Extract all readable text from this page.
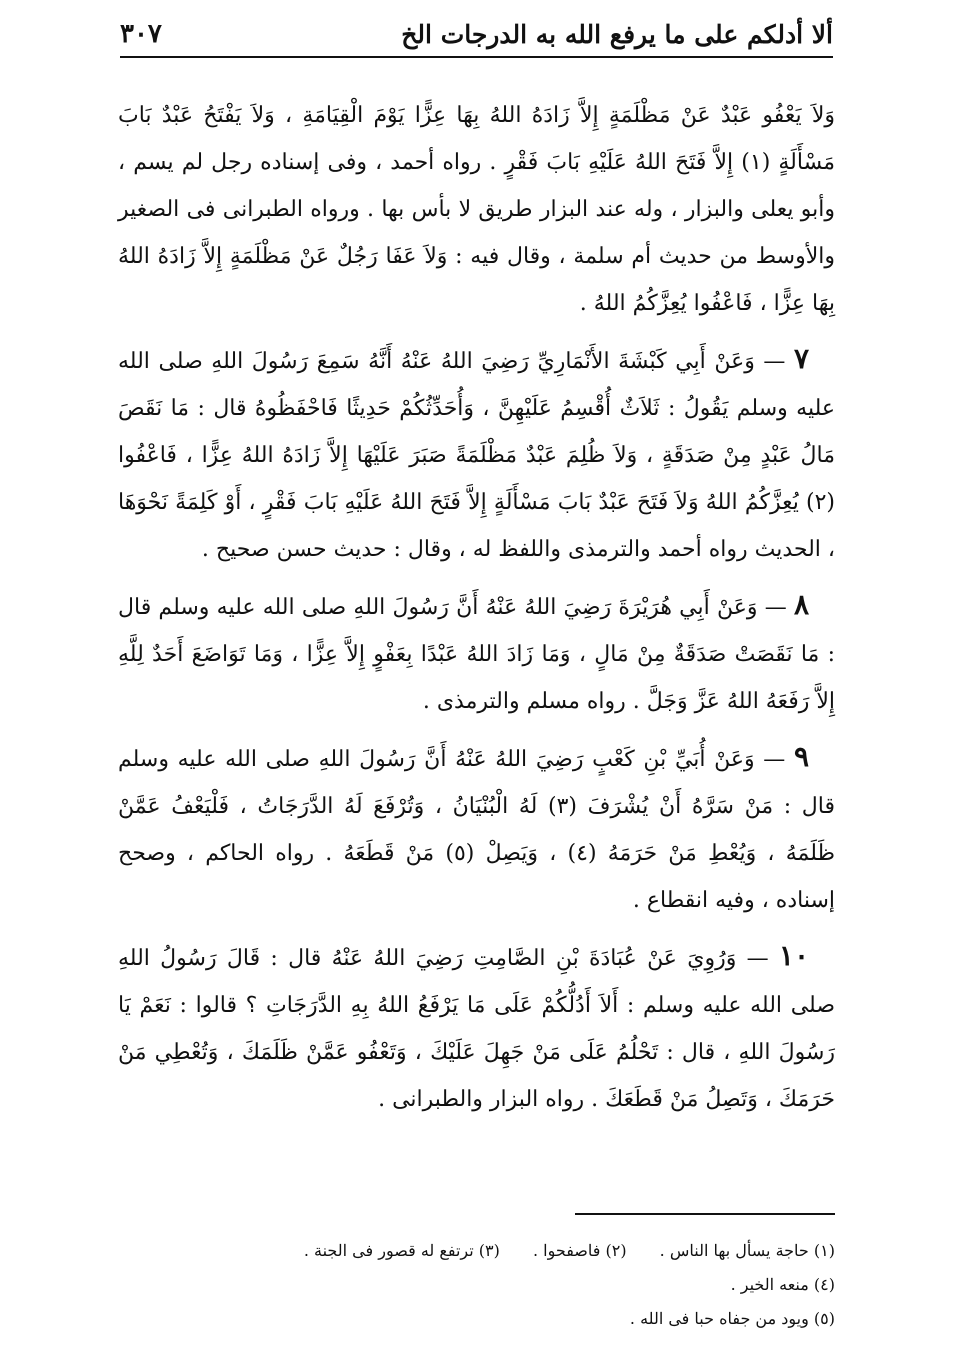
ألا أدلكم على ما يرفع الله به الدرجات الخ
٣٠٧

وَلاَ يَعْفُو عَبْدٌ عَنْ مَظْلَمَةٍ إِلاَّ زَادَهُ اللهُ بِهَا عِزًّا يَوْمَ الْقِيَامَةِ ، وَلاَ يَفْتَحُ عَبْدٌ بَابَ مَسْأَلَةٍ (١) إِلاَّ فَتَحَ اللهُ عَلَيْهِ بَابَ فَقْرٍ . رواه أحمد ، وفى إسناده رجل لم يسم ، وأبو يعلى والبزار ، وله عند البزار طريق لا بأس بها . ورواه الطبرانى فى الصغير والأوسط من حديث أم سلمة ، وقال فيه : وَلاَ عَفَا رَجُلٌ عَنْ مَظْلَمَةٍ إِلاَّ زَادَهُ اللهُ بِهَا عِزًّا ، فَاعْفُوا يُعِزَّكُمُ اللهُ .

٧ — وَعَنْ أَبِي كَبْشَةَ الأَنْمَارِيِّ رَضِيَ اللهُ عَنْهُ أَنَّهُ سَمِعَ رَسُولَ اللهِ صلى الله عليه وسلم يَقُولُ : ثَلاَثٌ أُقْسِمُ عَلَيْهِنَّ ، وَأُحَدِّثُكُمْ حَدِيثًا فَاحْفَظُوهُ قال : مَا نَقَصَ مَالُ عَبْدٍ مِنْ صَدَقَةٍ ، وَلاَ ظُلِمَ عَبْدٌ مَظْلَمَةً صَبَرَ عَلَيْهَا إِلاَّ زَادَهُ اللهُ عِزًّا ، فَاعْفُوا (٢) يُعِزَّكُمُ اللهُ وَلاَ فَتَحَ عَبْدٌ بَابَ مَسْأَلَةٍ إِلاَّ فَتَحَ اللهُ عَلَيْهِ بَابَ فَقْرٍ ، أَوْ كَلِمَةً نَحْوَهَا ، الحديث رواه أحمد والترمذى واللفظ له ، وقال : حديث حسن صحيح .

٨ — وَعَنْ أَبِي هُرَيْرَةَ رَضِيَ اللهُ عَنْهُ أَنَّ رَسُولَ اللهِ صلى الله عليه وسلم قال : مَا نَقَصَتْ صَدَقَةٌ مِنْ مَالٍ ، وَمَا زَادَ اللهُ عَبْدًا بِعَفْوٍ إِلاَّ عِزًّا ، وَمَا تَوَاضَعَ أَحَدٌ لِلَّهِ إِلاَّ رَفَعَهُ اللهُ عَزَّ وَجَلَّ . رواه مسلم والترمذى .

٩ — وَعَنْ أُبَيِّ بْنِ كَعْبٍ رَضِيَ اللهُ عَنْهُ أَنَّ رَسُولَ اللهِ صلى الله عليه وسلم قال : مَنْ سَرَّهُ أَنْ يُشْرَفَ (٣) لَهُ الْبُنْيَانُ ، وَتُرْفَعَ لَهُ الدَّرَجَاتُ ، فَلْيَعْفُ عَمَّنْ ظَلَمَهُ ، وَيُعْطِ مَنْ حَرَمَهُ (٤) ، وَيَصِلْ (٥) مَنْ قَطَعَهُ . رواه الحاكم ، وصحح إسناده ، وفيه انقطاع .

١٠ — وَرُوِيَ عَنْ عُبَادَةَ بْنِ الصَّامِتِ رَضِيَ اللهُ عَنْهُ قال : قَالَ رَسُولُ اللهِ صلى الله عليه وسلم : أَلاَ أَدُلُّكُمْ عَلَى مَا يَرْفَعُ اللهُ بِهِ الدَّرَجَاتِ ؟ قالوا : نَعَمْ يَا رَسُولَ اللهِ ، قال : تَحْلُمُ عَلَى مَنْ جَهِلَ عَلَيْكَ ، وَتَعْفُو عَمَّنْ ظَلَمَكَ ، وَتُعْطِي مَنْ حَرَمَكَ ، وَتَصِلُ مَنْ قَطَعَكَ . رواه البزار والطبرانى .

(١) حاجة يسأل بها الناس . (٢) فاصفحوا . (٣) ترتفع له قصور فى الجنة .
(٤) منعه الخير .
(٥) ويود من جفاه حبا فى الله .
